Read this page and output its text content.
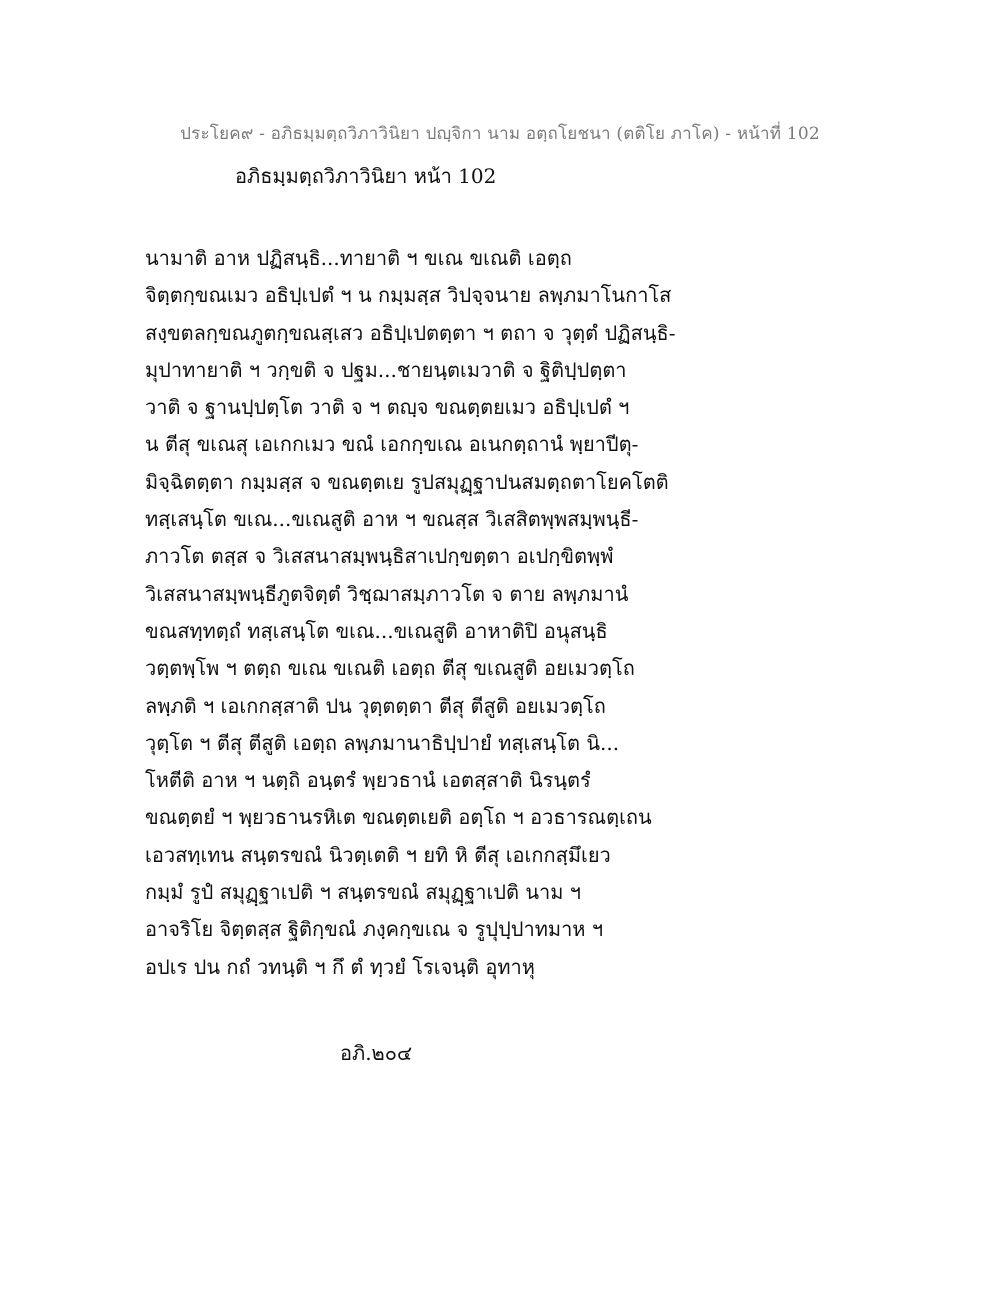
ประโยค๙ - อภิธมฺมตฺถวิภาวินิยา ปญฺจิกา นาม อตฺถโยชนา (ตติโย ภาโค) - หน้าที่ 102
อภิธมฺมตฺถวิภาวินิยา หน้า 102
นามาติ อาห ปฏิสนฺธิ...ทายาติ ฯ ขเณ ขเณติ เอตฺถ
จิตฺตกฺขณเมว อธิปฺเปตํ ฯ น กมฺมสฺส วิปจฺจนาย ลพฺภมาโนกาโส
สงฺขตลกฺขณภูตกฺขณสฺเสว อธิปฺเปตตฺตา ฯ ตถา จ วุตฺตํ ปฏิสนฺธิ-
มุปาทายาติ ฯ วกฺขติ จ ปฐม...ชายนฺตเมวาติ จ ฐิติปฺปตฺตา
วาติ จ ฐานปฺปตฺโต วาติ จ ฯ ตญฺจ ขณตฺตยเมว อธิปฺเปตํ ฯ
น ตีสุ ขเณสุ เอเกกเมว ขณํ เอกกฺขเณ อเนกตฺถานํ พฺยาปีตุ-
มิจฺฉิตตฺตา กมฺมสฺส จ ขณตฺตเย รูปสมุฏฺฐาปนสมตฺถตาโยคโตติ
ทสฺเสนฺโต ขเณ...ขเณสูติ อาห ฯ ขณสฺส วิเสสิตพฺพสมฺพนฺธี-
ภาวโต ตสฺส จ วิเสสนาสมฺพนฺธิสาเปกฺขตฺตา อเปกฺขิตพฺพํ
วิเสสนาสมฺพนฺธีภูตจิตฺตํ วิชฺฌาสมฺภาวโต จ ตาย ลพฺภมานํ
ขณสทฺทตฺถํ ทสฺเสนฺโต ขเณ...ขเณสูติ อาหาติปิ อนุสนฺธิ
วตฺตพฺโพ ฯ ตตฺถ ขเณ ขเณติ เอตฺถ ตีสุ ขเณสูติ อยเมวตฺโถ
ลพฺภติ ฯ เอเกกสฺสาติ ปน วุตฺตตฺตา ตีสุ ตีสูติ อยเมวตฺโถ
วุตฺโต ฯ ตีสุ ตีสูติ เอตฺถ ลพฺภมานาธิปฺปายํ ทสฺเสนฺโต นิ...
โหตีติ อาห ฯ นตฺถิ อนฺตรํ พฺยวธานํ เอตสฺสาติ นิรนฺตรํ
ขณตฺตยํ ฯ พฺยวธานรหิเต ขณตฺตเยติ อตฺโถ ฯ อวธารณตฺเถน
เอวสทฺเทน สนฺตรขณํ นิวตฺเตติ ฯ ยทิ หิ ตีสุ เอเกกสฺมึเยว
กมฺมํ รูปํ สมุฏฺฐาเปติ ฯ สนฺตรขณํ สมุฏฺฐาเปติ นาม ฯ
อาจริโย จิตฺตสฺส ฐิติกฺขณํ ภงฺคกฺขเณ จ รูปุปฺปาทมาห ฯ
อปเร ปน กถํ วทนฺติ ฯ กึ ตํ ทฺวยํ โรเจนฺติ อุทาหุ
อภิ.๒๐๔
